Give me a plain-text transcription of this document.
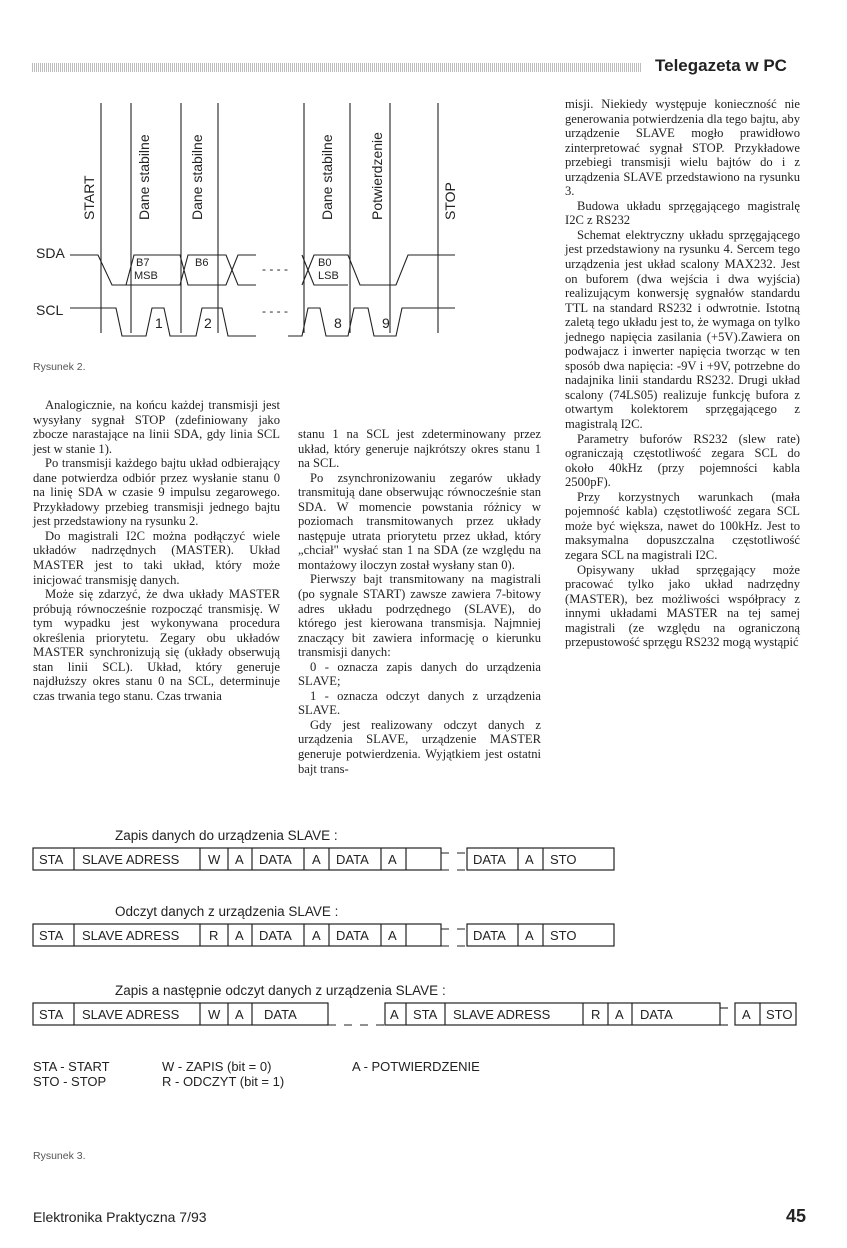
Telegazeta w PC
START	Dane stabilne	Dane stabilne	Dane stabilne Potwierdzenie	STOP
SDA
SCL
B7
MSB
B6	B0
LSB
- - - -
- - - -
1	2	8	9
Rysunek 2.

Analogicznie, na końcu każdej transmisji jest wysyłany sygnał STOP (zdefiniowany jako zbocze narastające na linii SDA, gdy linia SCL jest w stanie 1).

Po transmisji każdego bajtu układ odbierający dane potwierdza odbiór przez wysłanie stanu 0 na linię SDA w czasie 9 impulsu zegarowego. Przykładowy przebieg transmisji jednego bajtu jest przedstawiony na rysunku 2.

Do magistrali I2C można podłączyć wiele układów nadrzędnych (MASTER). Układ MASTER jest to taki układ, który może inicjować transmisję danych.

Może się zdarzyć, że dwa układy MASTER próbują równocześnie rozpocząć transmisję. W tym wypadku jest wykonywana procedura określenia priorytetu. Zegary obu układów MASTER synchronizują się (układy obserwują stan linii SCL). Układ, który generuje najdłuższy okres stanu 0 na SCL, determinuje czas trwania tego stanu. Czas trwania

stanu 1 na SCL jest zdeterminowany przez układ, który generuje najkrótszy okres stanu 1 na SCL.

Po zsynchronizowaniu zegarów układy transmitują dane obserwując równocześnie stan SDA. W momencie powstania różnicy w poziomach transmitowanych przez układy następuje utrata priorytetu przez układ, który „chciał" wysłać stan 1 na SDA (ze względu na montażowy iloczyn został wysłany stan 0).

Pierwszy bajt transmitowany na magistrali (po sygnale START) zawsze zawiera 7-bitowy adres układu podrzędnego (SLAVE), do którego jest kierowana transmisja. Najmniej znaczący bit zawiera informację o kierunku transmisji danych:

0 - oznacza zapis danych do urządzenia SLAVE;

1 - oznacza odczyt danych z urządzenia SLAVE.

Gdy jest realizowany odczyt danych z urządzenia SLAVE, urządzenie MASTER generuje potwierdzenia. Wyjątkiem jest ostatni bajt trans-

misji. Niekiedy występuje konieczność nie generowania potwierdzenia dla tego bajtu, aby urządzenie SLAVE mogło prawidłowo zinterpretować sygnał STOP. Przykładowe przebiegi transmisji wielu bajtów do i z urządzenia SLAVE przedstawiono na rysunku 3.

Budowa układu sprzęgającego magistralę I2C z RS232

Schemat elektryczny układu sprzęgającego jest przedstawiony na rysunku 4. Sercem tego urządzenia jest układ scalony MAX232. Jest on buforem (dwa wejścia i dwa wyjścia) realizującym konwersję sygnałów standardu TTL na standard RS232 i odwrotnie. Istotną zaletą tego układu jest to, że wymaga on tylko jednego napięcia zasilania (+5V).Zawiera on podwajacz i inwerter napięcia tworząc w ten sposób dwa napięcia: -9V i +9V, potrzebne do nadajnika linii standardu RS232. Drugi układ scalony (74LS05) realizuje funkcję bufora z otwartym kolektorem sprzęgającego z magistralą I2C.

Parametry buforów RS232 (slew rate) ograniczają częstotliwość zegara SCL do około 40kHz (przy pojemności kabla 2500pF).

Przy korzystnych warunkach (mała pojemność kabla) częstotliwość zegara SCL może być większa, nawet do 100kHz. Jest to maksymalna dopuszczalna częstotliwość zegara SCL na magistrali I2C.

Opisywany układ sprzęgający może pracować tylko jako układ nadrzędny (MASTER), bez możliwości współpracy z innymi układami MASTER na tej samej magistrali (ze względu na ograniczoną przepustowość sprzęgu RS232 mogą wystąpić

Zapis danych do urządzenia SLAVE :
Odczyt danych z urządzenia SLAVE :
Zapis a następnie odczyt danych z urządzenia SLAVE :
STA SLAVE ADRESS W A DATA A DATA A	DATA A STO
STA SLAVE ADRESS R A DATA A DATA A	DATA A STO
STA SLAVE ADRESS W A DATA	A STA SLAVE ADRESS	R A DATA	A STO
STA - START
STO - STOP
W - ZAPIS (bit = 0)
R - ODCZYT (bit = 1)
A - POTWIERDZENIE
Rysunek 3.
Elektronika Praktyczna 7/93	45
